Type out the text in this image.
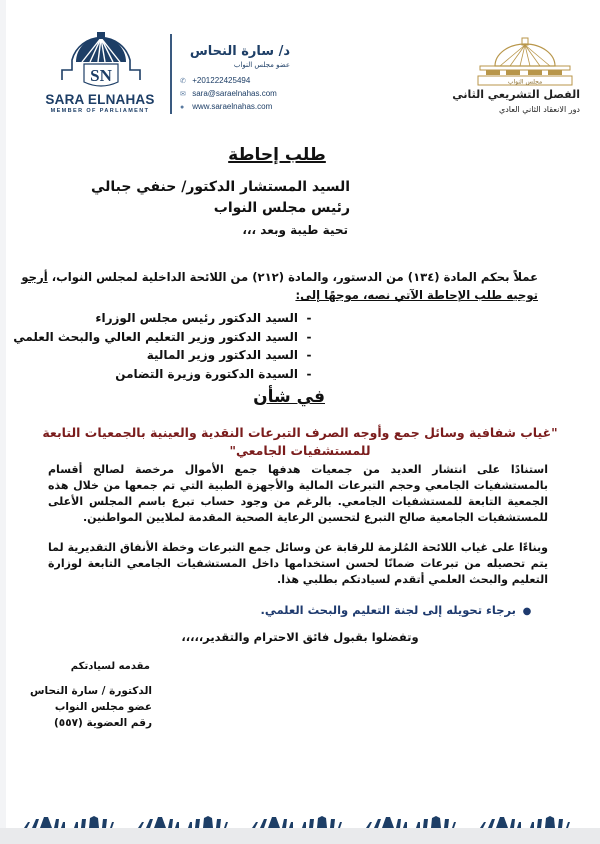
SN
SARA ELNAHAS
MEMBER OF PARLIAMENT
د/ سارة النحاس
عضو مجلس النواب
✆ +201222425494
✉ sara@saraelnahas.com
● www.saraelnahas.com
مجلس النواب
الفصل التشريعي الثاني
دور الانعقاد الثاني العادي
طلب إحاطة
السيد المستشار الدكتور/ حنفي جبالي
رئيس مجلس النواب
تحية طيبة وبعد ،،،
عملاً بحكم المادة (١٣٤) من الدستور، والمادة (٢١٢) من اللائحة الداخلية لمجلس النواب، أرجو
توجيه طلب الإحاطة الآتي نصه، موجهًا إلى:
-السيد الدكتور رئيس مجلس الوزراء
-السيد الدكتور وزير التعليم العالي والبحث العلمي
-السيد الدكتور وزير المالية
-السيدة الدكتورة وزيرة التضامن
في شأن
"غياب شفافية وسائل جمع وأوجه الصرف التبرعات النقدية والعينية بالجمعيات التابعة
للمستشفيات الجامعي"
استنادًا على انتشار العديد من جمعيات هدفها جمع الأموال مرخصة لصالح أقسام بالمستشفيات الجامعي وحجم التبرعات المالية والأجهزة الطبية التي تم جمعها من خلال هذه الجمعية التابعة للمستشفيات الجامعي. بالرغم من وجود حساب تبرع باسم المجلس الأعلى للمستشفيات الجامعية صالح التبرع لتحسين الرعاية الصحية المقدمة لملايين المواطنين.
وبناءًا على غياب اللائحة المُلزمة للرقابة عن وسائل جمع التبرعات وخطة الأنفاق التقديرية لما يتم تحصيله من تبرعات ضمانًا لحسن استخدامها داخل المستشفيات الجامعي التابعة لوزارة التعليم والبحث العلمي أتقدم لسيادتكم بطلبي هذا.
●برجاء تحويله إلى لجنة التعليم والبحث العلمي.
وتفضلوا بقبول فائق الاحترام والتقدير،،،،،
مقدمه لسيادتكم
الدكتورة / سارة النحاس
عضو مجلس النواب
رقم العضوية (٥٥٧)
